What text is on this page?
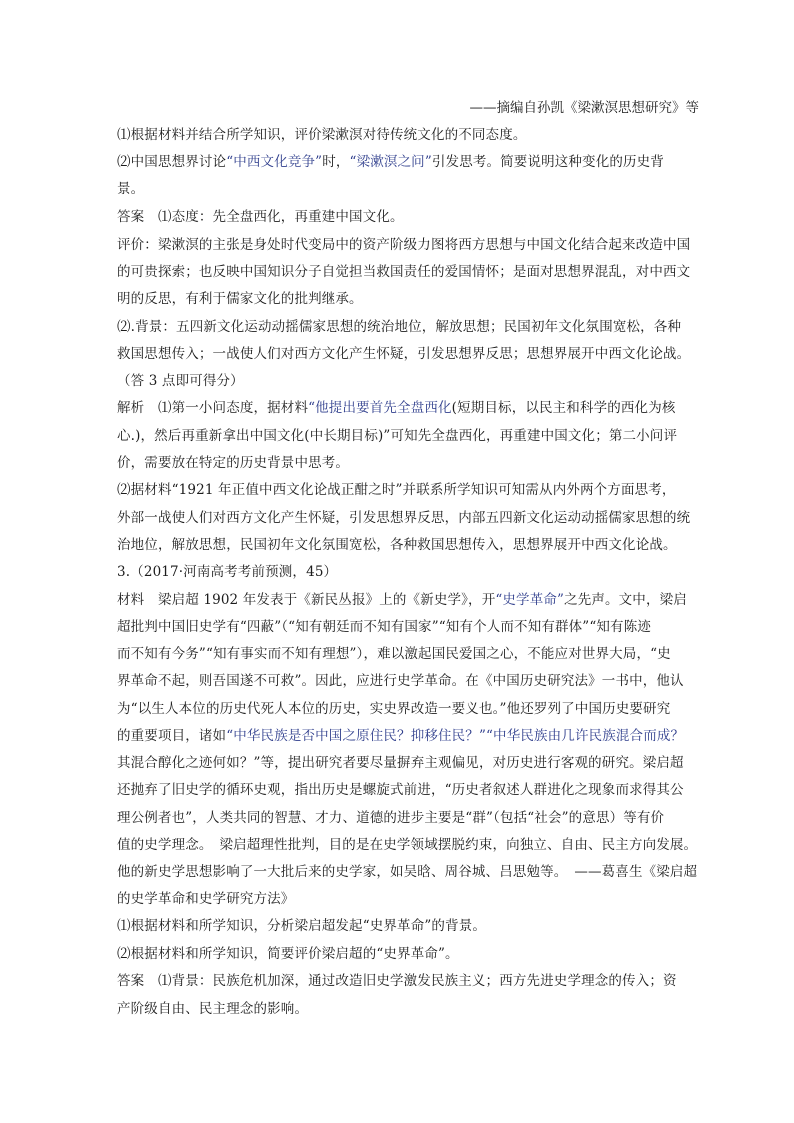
——摘编自孙凯《梁漱溟思想研究》等
⑴根据材料并结合所学知识，评价梁漱溟对待传统文化的不同态度。
⑵中国思想界讨论“中西文化竞争”时，“梁漱溟之问”引发思考。简要说明这种变化的历史背
景。
答案　⑴态度：先全盘西化，再重建中国文化。
评价：梁漱溟的主张是身处时代变局中的资产阶级力图将西方思想与中国文化结合起来改造中国
的可贵探索；也反映中国知识分子自觉担当救国责任的爱国情怀；是面对思想界混乱，对中西文
明的反思，有利于儒家文化的批判继承。
⑵.背景：五四新文化运动动摇儒家思想的统治地位，解放思想；民国初年文化氛围宽松，各种
救国思想传入；一战使人们对西方文化产生怀疑，引发思想界反思；思想界展开中西文化论战。
（答 3 点即可得分）
解析　⑴第一小问态度，据材料“他提出要首先全盘西化(短期目标，以民主和科学的西化为核
心.)，然后再重新拿出中国文化(中长期目标)”可知先全盘西化，再重建中国文化；第二小问评
价，需要放在特定的历史背景中思考。
⑵据材料“1921 年正值中西文化论战正酣之时”并联系所学知识可知需从内外两个方面思考，
外部一战使人们对西方文化产生怀疑，引发思想界反思，内部五四新文化运动动摇儒家思想的统
治地位，解放思想，民国初年文化氛围宽松，各种救国思想传入，思想界展开中西文化论战。
3.（2017·河南高考考前预测，45）
材料　梁启超 1902 年发表于《新民丛报》上的《新史学》，开“史学革命”之先声。文中，梁启
超批判中国旧史学有“四蔽”（“知有朝廷而不知有国家”“知有个人而不知有群体”“知有陈迹
而不知有今务”“知有事实而不知有理想”），难以激起国民爱国之心，不能应对世界大局，“史
界革命不起，则吾国遂不可救”。因此，应进行史学革命。在《中国历史研究法》一书中，他认
为“以生人本位的历史代死人本位的历史，实史界改造一要义也。”他还罗列了中国历史要研究
的重要项目，诸如“中华民族是否中国之原住民？抑移住民？”“中华民族由几许民族混合而成？
其混合醇化之迹何如？”等，提出研究者要尽量摒弃主观偏见，对历史进行客观的研究。梁启超
还抛弃了旧史学的循环史观，指出历史是螺旋式前进，“历史者叙述人群进化之现象而求得其公
理公例者也”，人类共同的智慧、才力、道德的进步主要是“群”（包括“社会”的意思）等有价
值的史学理念。　梁启超理性批判，目的是在史学领域摆脱约束，向独立、自由、民主方向发展。
他的新史学思想影响了一大批后来的史学家，如吴晗、周谷城、吕思勉等。　——葛喜生《梁启超
的史学革命和史学研究方法》
⑴根据材料和所学知识，分析梁启超发起“史界革命”的背景。
⑵根据材料和所学知识，简要评价梁启超的“史界革命”。
答案　⑴背景：民族危机加深，通过改造旧史学激发民族主义；西方先进史学理念的传入；资
产阶级自由、民主理念的影响。
